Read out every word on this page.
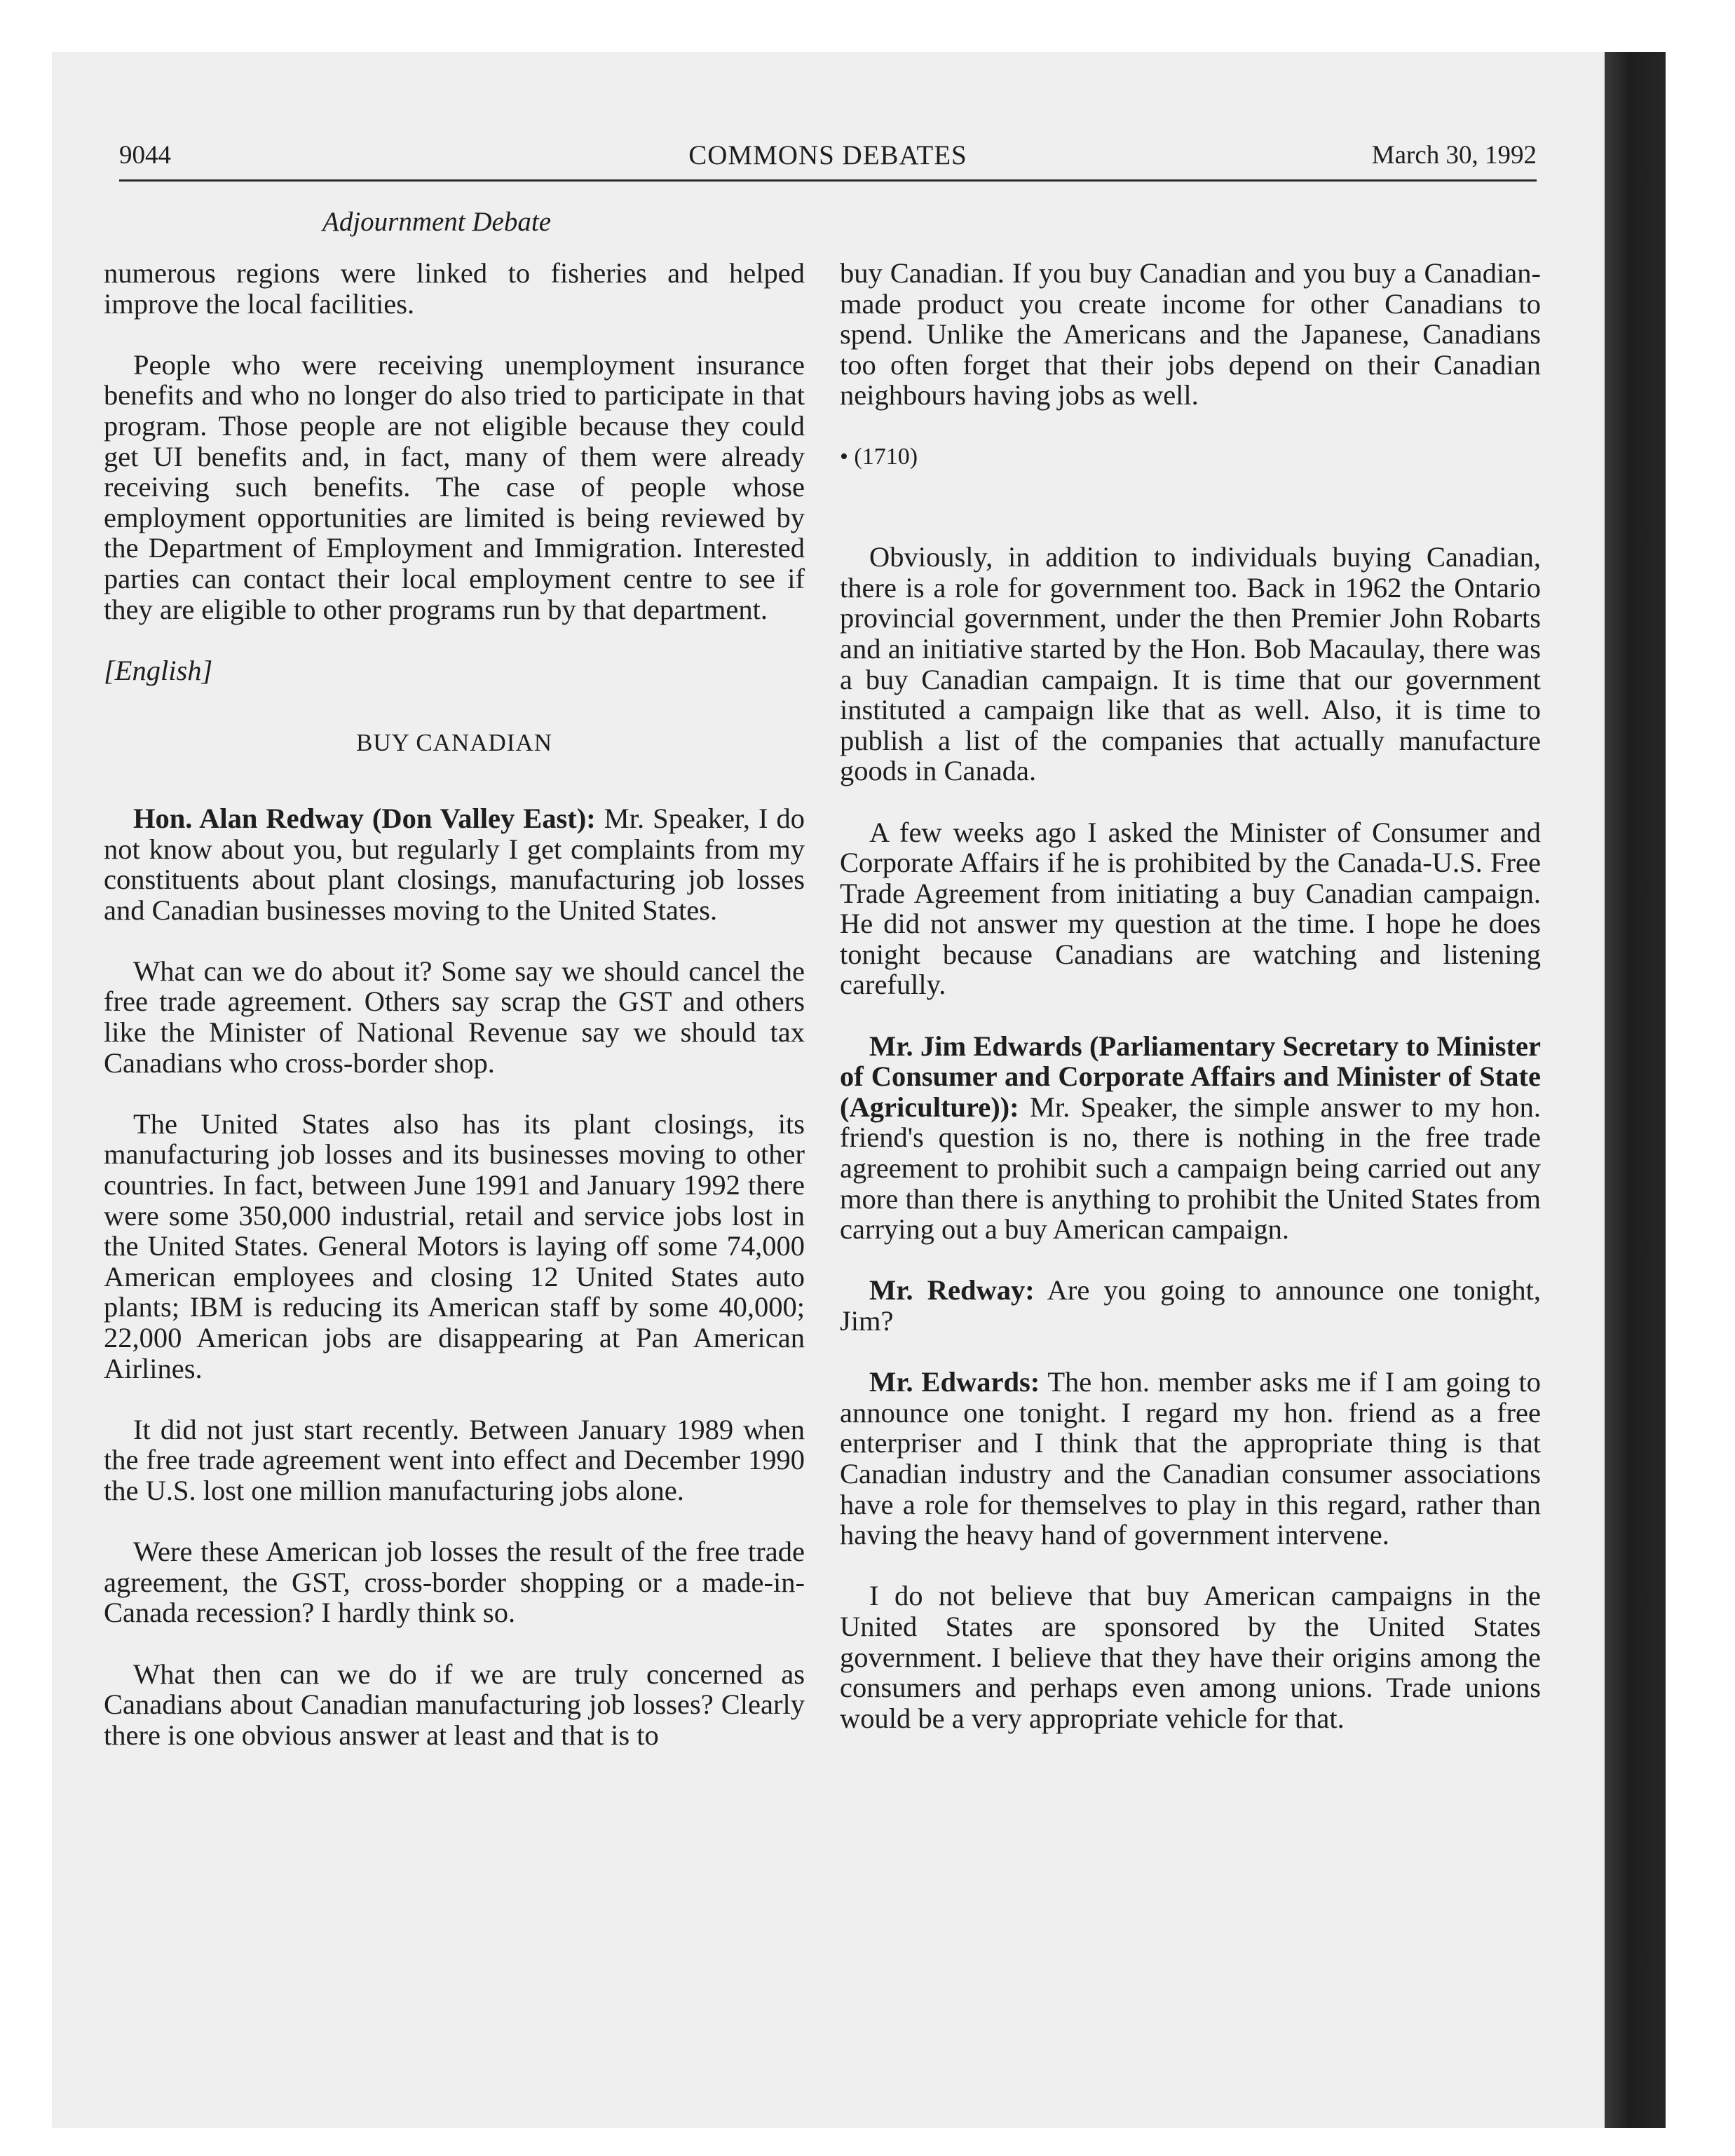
9044	COMMONS DEBATES	March 30, 1992
Adjournment Debate

numerous regions were linked to fisheries and helped improve the local facilities.

People who were receiving unemployment insurance benefits and who no longer do also tried to participate in that program. Those people are not eligible because they could get UI benefits and, in fact, many of them were already receiving such benefits. The case of people whose employment opportunities are limited is being reviewed by the Department of Employment and Immigration. Interested parties can contact their local employment centre to see if they are eligible to other programs run by that department.

[English]

BUY CANADIAN

Hon. Alan Redway (Don Valley East): Mr. Speaker, I do not know about you, but regularly I get complaints from my constituents about plant closings, manufacturing job losses and Canadian businesses moving to the United States.

What can we do about it? Some say we should cancel the free trade agreement. Others say scrap the GST and others like the Minister of National Revenue say we should tax Canadians who cross-border shop.

The United States also has its plant closings, its manufacturing job losses and its businesses moving to other countries. In fact, between June 1991 and January 1992 there were some 350,000 industrial, retail and service jobs lost in the United States. General Motors is laying off some 74,000 American employees and closing 12 United States auto plants; IBM is reducing its American staff by some 40,000; 22,000 American jobs are disappearing at Pan American Airlines.

It did not just start recently. Between January 1989 when the free trade agreement went into effect and December 1990 the U.S. lost one million manufacturing jobs alone.

Were these American job losses the result of the free trade agreement, the GST, cross-border shopping or a made-in-Canada recession? I hardly think so.

What then can we do if we are truly concerned as Canadians about Canadian manufacturing job losses? Clearly there is one obvious answer at least and that is to

buy Canadian. If you buy Canadian and you buy a Canadian-made product you create income for other Canadians to spend. Unlike the Americans and the Japanese, Canadians too often forget that their jobs depend on their Canadian neighbours having jobs as well.

• (1710)

Obviously, in addition to individuals buying Canadian, there is a role for government too. Back in 1962 the Ontario provincial government, under the then Premier John Robarts and an initiative started by the Hon. Bob Macaulay, there was a buy Canadian campaign. It is time that our government instituted a campaign like that as well. Also, it is time to publish a list of the companies that actually manufacture goods in Canada.

A few weeks ago I asked the Minister of Consumer and Corporate Affairs if he is prohibited by the Canada-U.S. Free Trade Agreement from initiating a buy Canadian campaign. He did not answer my question at the time. I hope he does tonight because Canadians are watching and listening carefully.

Mr. Jim Edwards (Parliamentary Secretary to Minister of Consumer and Corporate Affairs and Minister of State (Agriculture)): Mr. Speaker, the simple answer to my hon. friend's question is no, there is nothing in the free trade agreement to prohibit such a campaign being carried out any more than there is anything to prohibit the United States from carrying out a buy American campaign.

Mr. Redway: Are you going to announce one tonight, Jim?

Mr. Edwards: The hon. member asks me if I am going to announce one tonight. I regard my hon. friend as a free enterpriser and I think that the appropriate thing is that Canadian industry and the Canadian consumer associations have a role for themselves to play in this regard, rather than having the heavy hand of government intervene.

I do not believe that buy American campaigns in the United States are sponsored by the United States government. I believe that they have their origins among the consumers and perhaps even among unions. Trade unions would be a very appropriate vehicle for that.
